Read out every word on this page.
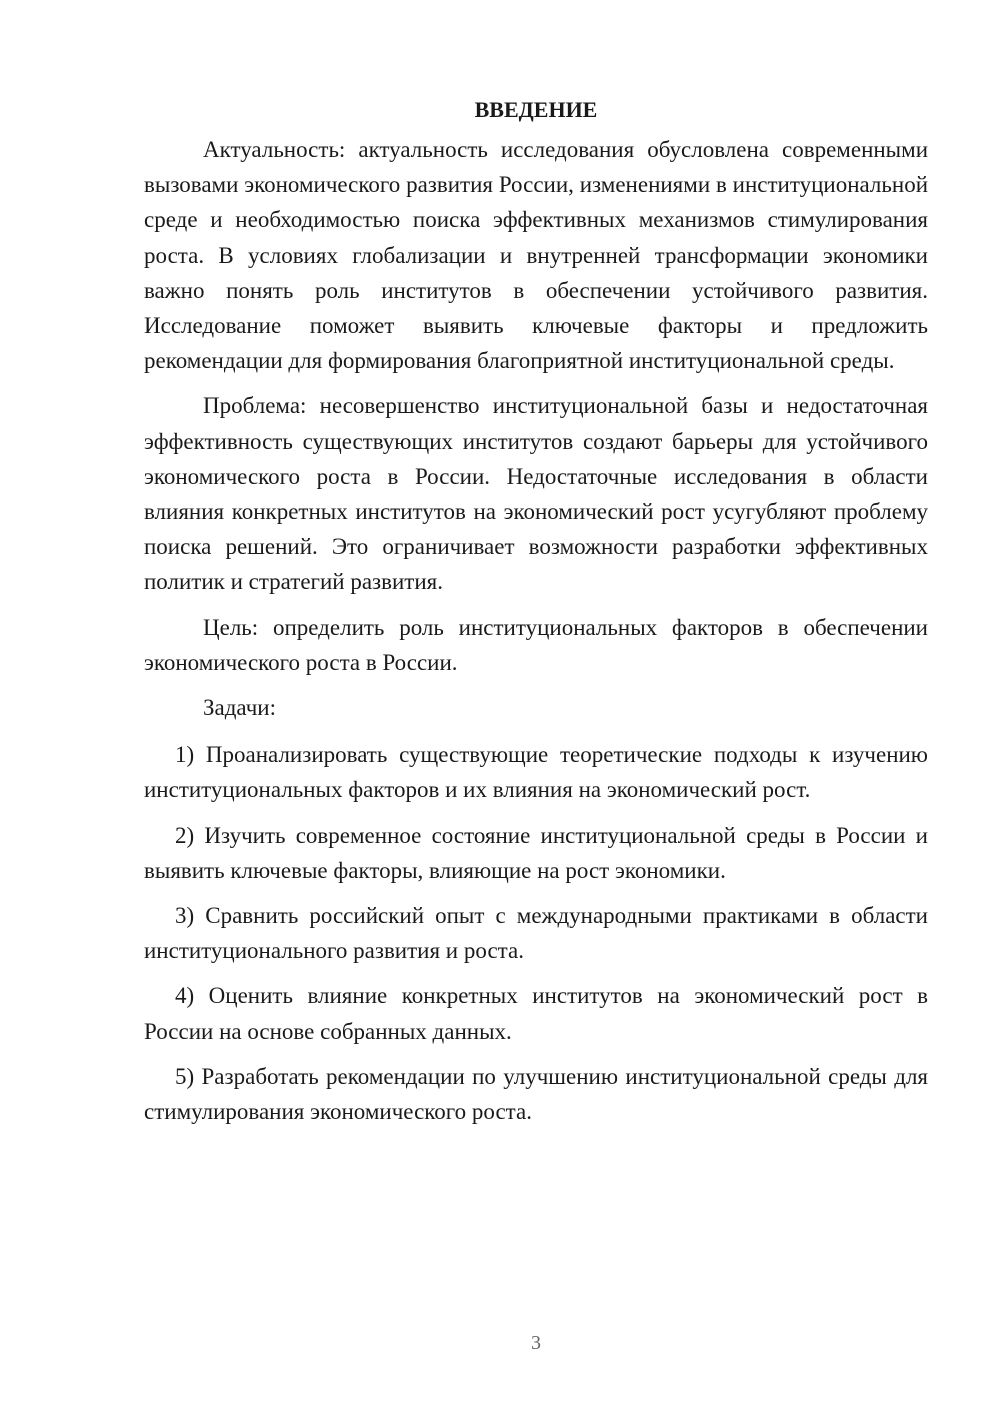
ВВЕДЕНИЕ

Актуальность: актуальность исследования обусловлена современными вызовами экономического развития России, изменениями в институциональной среде и необходимостью поиска эффективных механизмов стимулирования роста. В условиях глобализации и внутренней трансформации экономики важно понять роль институтов в обеспечении устойчивого развития. Исследование поможет выявить ключевые факторы и предложить рекомендации для формирования благоприятной институциональной среды.

Проблема: несовершенство институциональной базы и недостаточная эффективность существующих институтов создают барьеры для устойчивого экономического роста в России. Недостаточные исследования в области влияния конкретных институтов на экономический рост усугубляют проблему поиска решений. Это ограничивает возможности разработки эффективных политик и стратегий развития.

Цель: определить роль институциональных факторов в обеспечении экономического роста в России.

Задачи:

1) Проанализировать существующие теоретические подходы к изучению институциональных факторов и их влияния на экономический рост.

2) Изучить современное состояние институциональной среды в России и выявить ключевые факторы, влияющие на рост экономики.

3) Сравнить российский опыт с международными практиками в области институционального развития и роста.

4) Оценить влияние конкретных институтов на экономический рост в России на основе собранных данных.

5) Разработать рекомендации по улучшению институциональной среды для стимулирования экономического роста.

3
